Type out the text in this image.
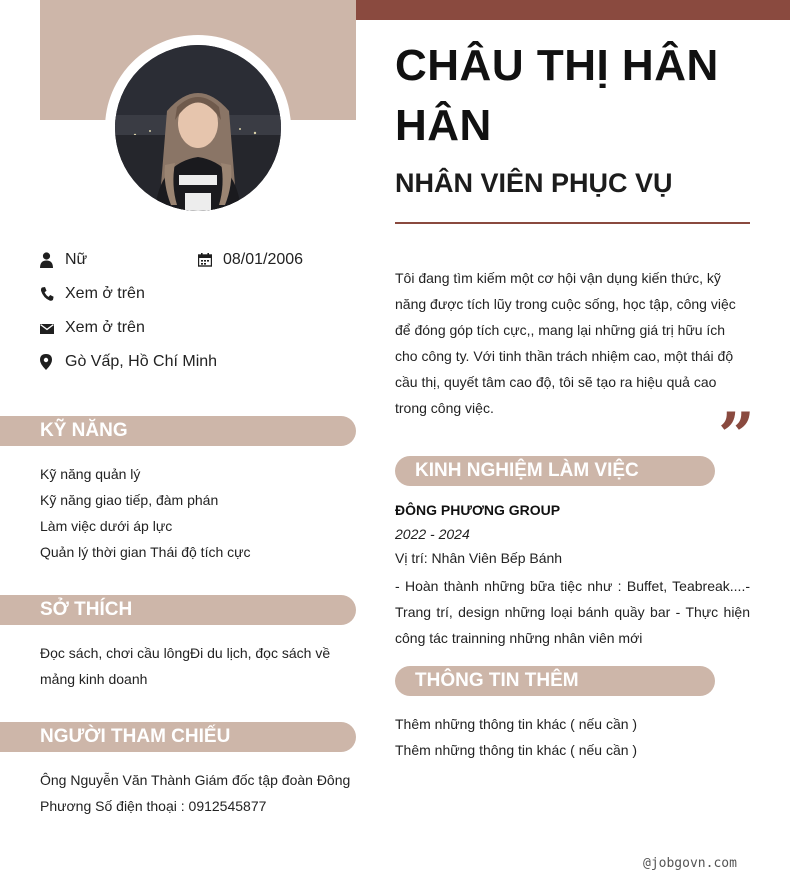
CHÂU THỊ HÂN HÂN
NHÂN VIÊN PHỤC VỤ
Nữ	08/01/2006
Xem ở trên
Xem ở trên
Gò Vấp, Hồ Chí Minh
KỸ NĂNG
Kỹ năng quản lý
Kỹ năng giao tiếp, đàm phán
Làm việc dưới áp lực
Quản lý thời gian Thái độ tích cực
SỞ THÍCH
Đọc sách, chơi cầu lôngĐi du lịch, đọc sách về
mảng kinh doanh
NGƯỜI THAM CHIẾU
Ông Nguyễn Văn Thành Giám đốc tập đoàn Đông
Phương Số điện thoại : 0912545877
Tôi đang tìm kiếm một cơ hội vận dụng kiến thức, kỹ năng được tích lũy trong cuộc sống, học tập, công việc để đóng góp tích cực,, mang lại những giá trị hữu ích cho công ty. Với tinh thần trách nhiệm cao, một thái độ cầu thị, quyết tâm cao độ, tôi sẽ tạo ra hiệu quả cao trong công việc.	”
KINH NGHIỆM LÀM VIỆC
ĐÔNG PHƯƠNG GROUP
2022 - 2024
Vị trí: Nhân Viên Bếp Bánh
- Hoàn thành những bữa tiệc như : Buffet, Teabreak....- Trang trí, design những loại bánh quầy bar - Thực hiện công tác trainning những nhân viên mới
THÔNG TIN THÊM
Thêm những thông tin khác ( nếu cần )
Thêm những thông tin khác ( nếu cần )
@jobgovn.com
